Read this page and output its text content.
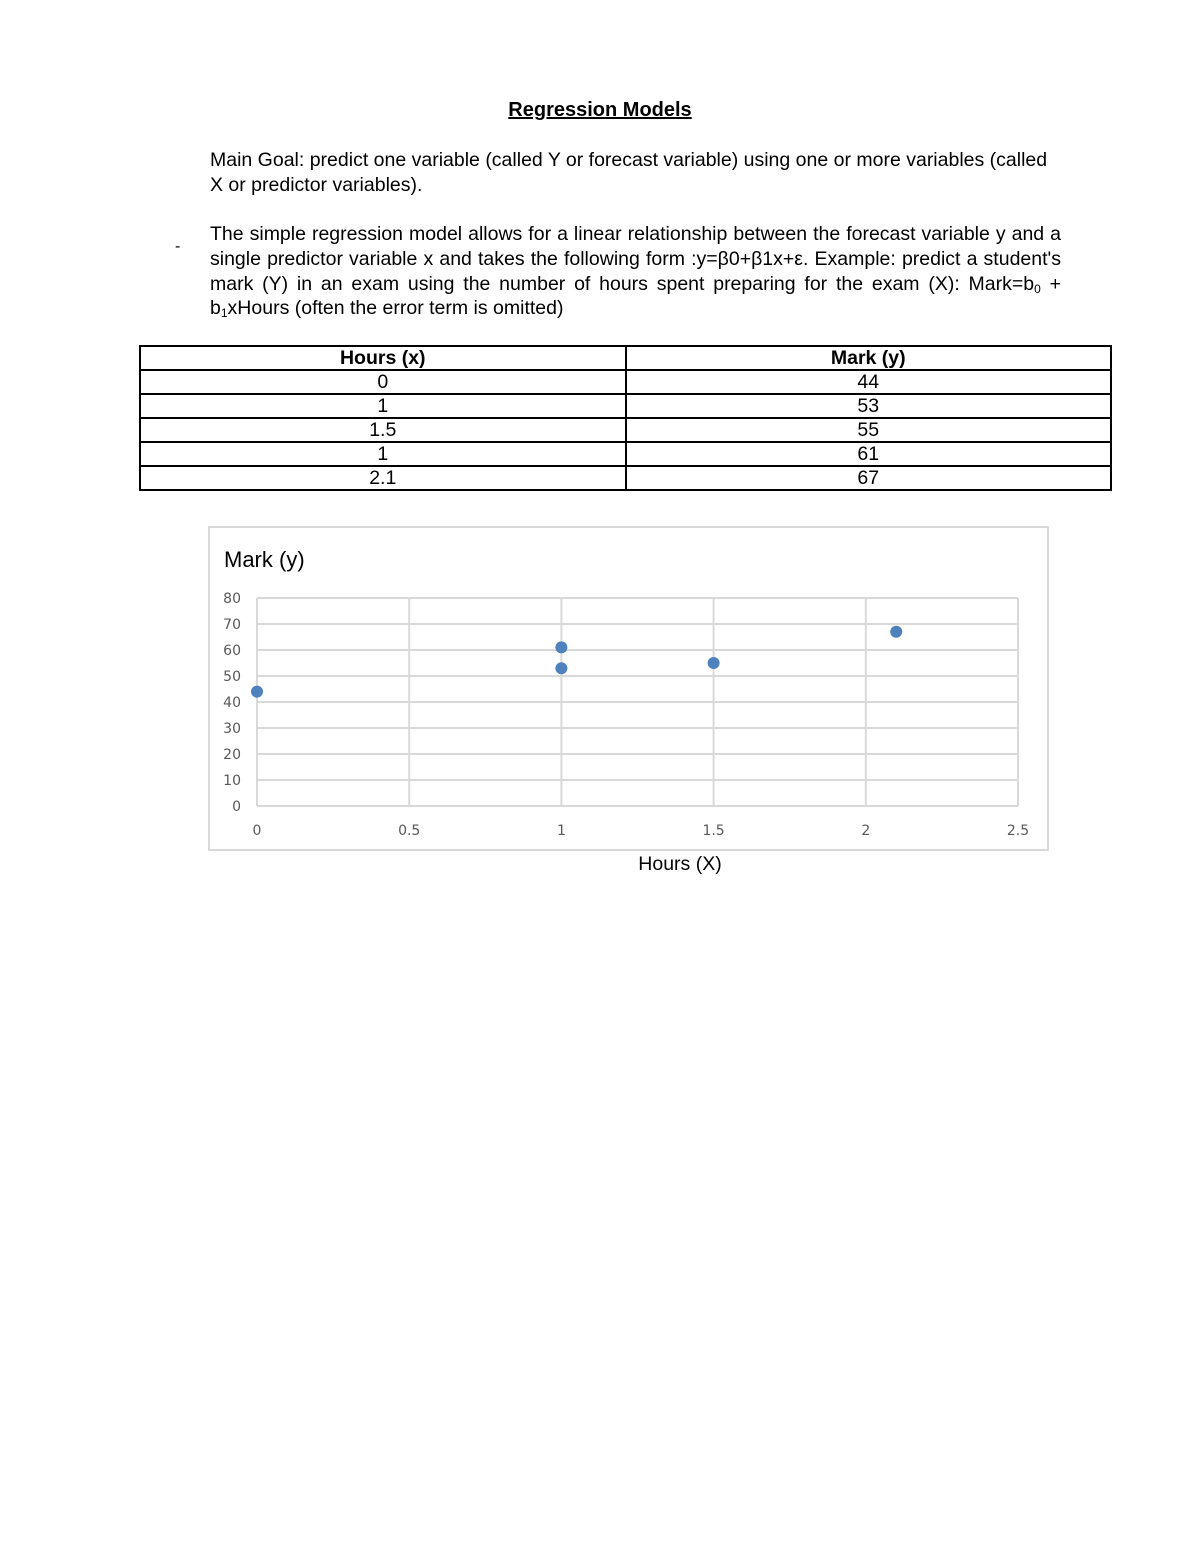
Regression Models
Main Goal: predict one variable (called Y or forecast variable) using one or more variables (called X or predictor variables).
-
The simple regression model allows for a linear relationship between the forecast variable y and a single predictor variable x and takes the following form :y=β0+β1x+ε. Example: predict a student's mark (Y) in an exam using the number of hours spent preparing for the exam (X): $Mark=b_0$ + $b_1xHours$ (often the error term is omitted)
Hours (x)	Mark (y)
0	44
1	53
1.5	55
1	61
2.1	67
Mark (y)
0
10
20
30
40
50
60
70
80
0	0.5	1	1.5	2	2.5
Hours (X)
